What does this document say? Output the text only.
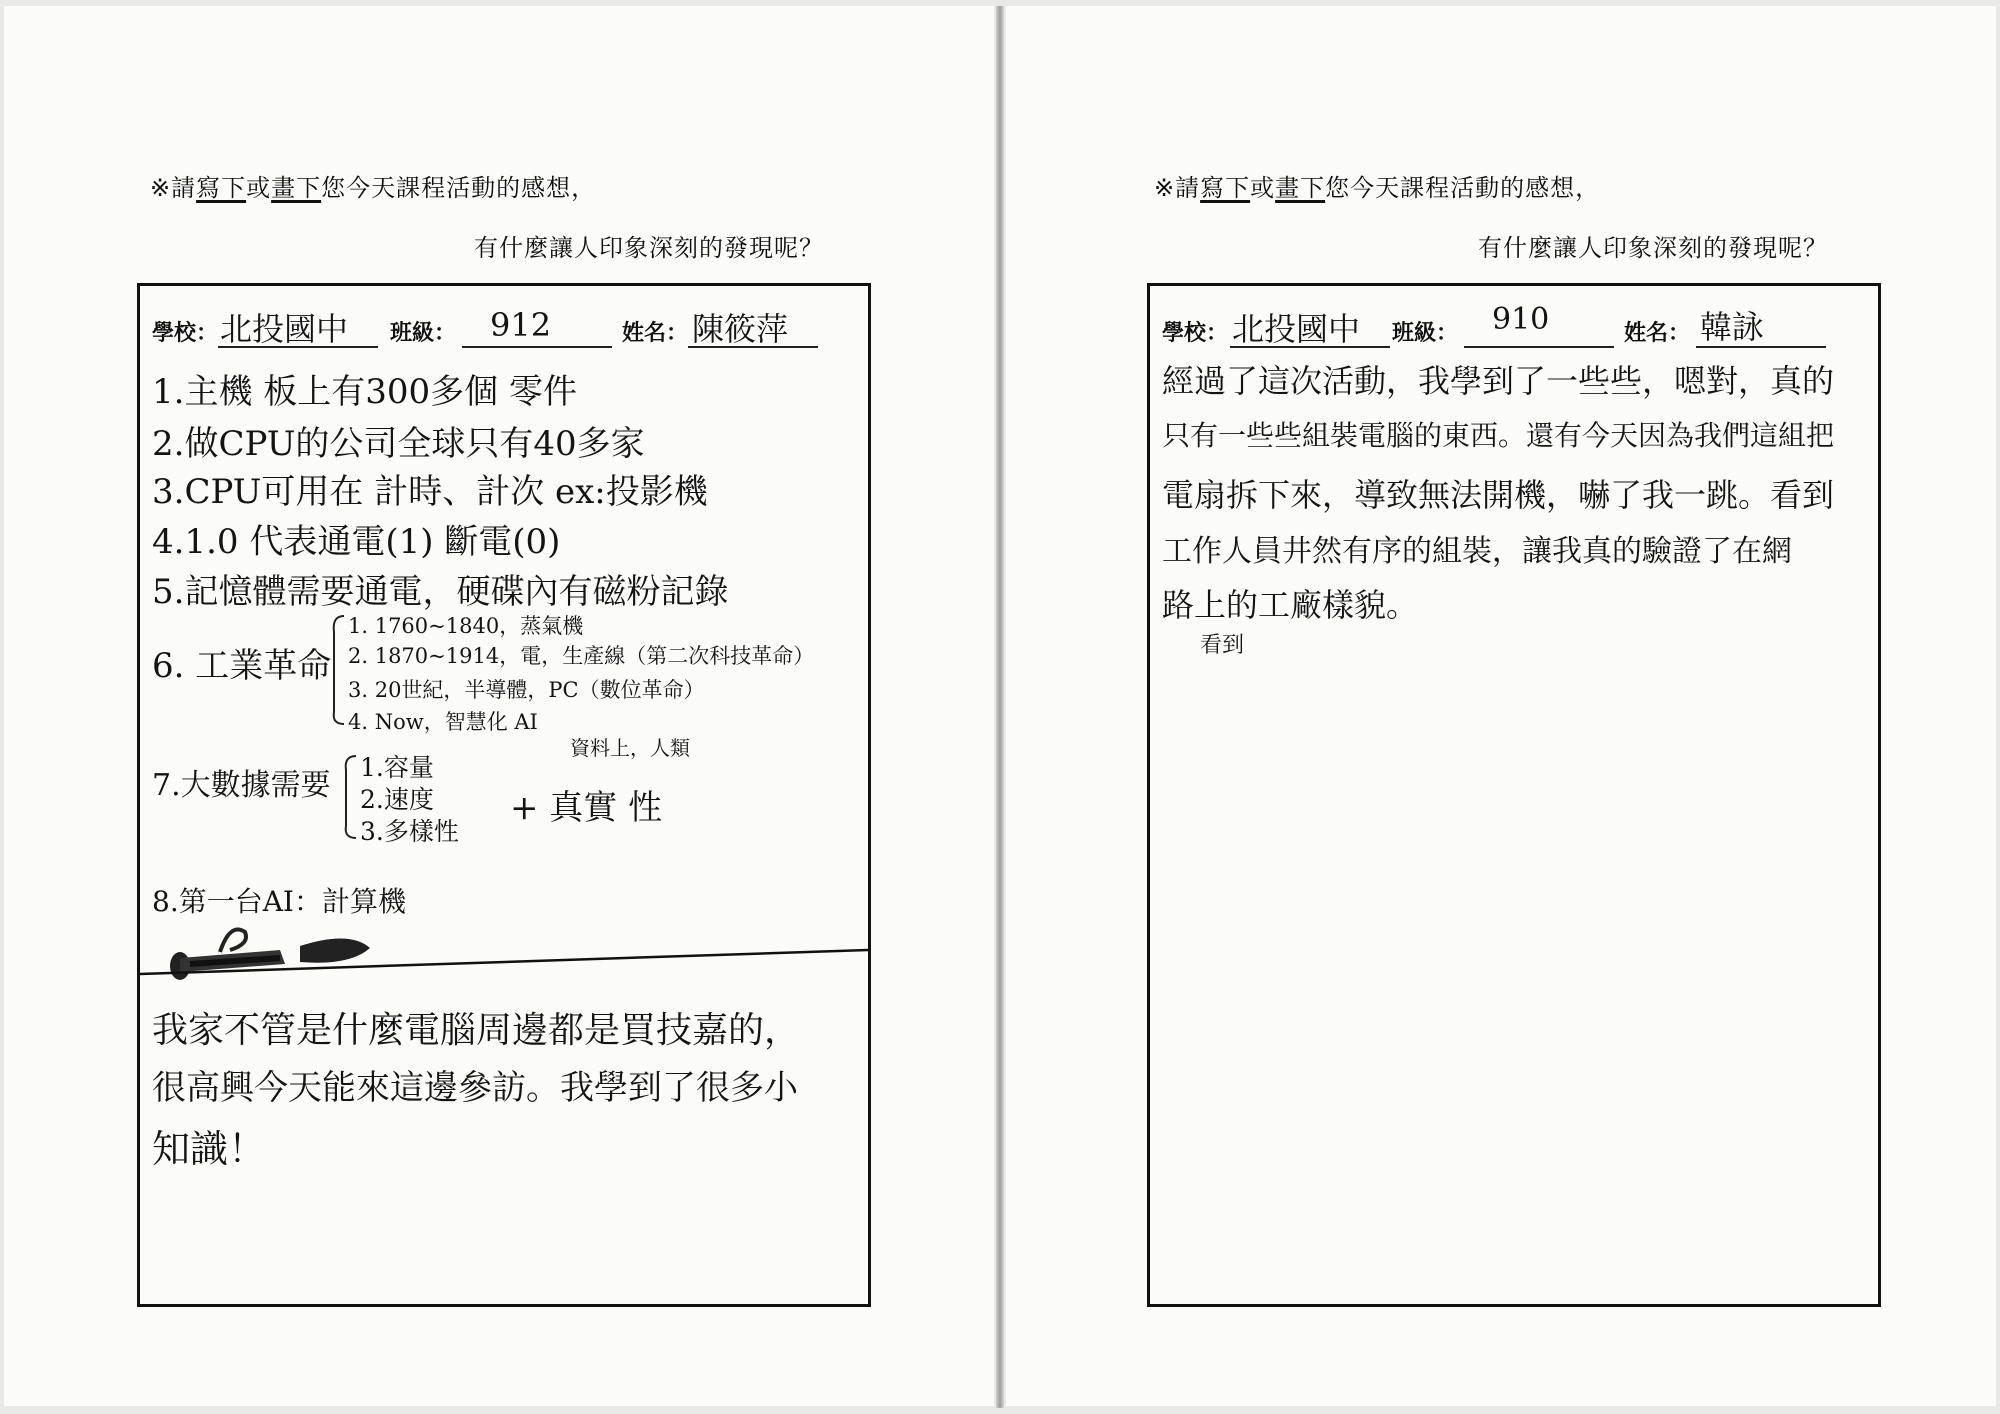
※請寫下或畫下您今天課程活動的感想，
有什麼讓人印象深刻的發現呢？
學校： 北投國中 班級： 912	姓名： 陳筱萍
1.主機 板上有300多個 零件
2.做CPU的公司全球只有40多家
3.CPU可用在 計時、計次 ex:投影機
4.1.0 代表通電(1) 斷電(0)
5.記憶體需要通電，硬碟內有磁粉記錄
6. 工業革命
1. 1760~1840，蒸氣機
2. 1870~1914，電，生產線（第二次科技革命）
3. 20世紀，半導體，PC（數位革命）
4. Now，智慧化 AI
資料上，人類
7.大數據需要
1.容量
2.速度
3.多樣性
+ 真實 性
8.第一台AI：計算機
我家不管是什麼電腦周邊都是買技嘉的，
很高興今天能來這邊參訪。我學到了很多小
知識！
※請寫下或畫下您今天課程活動的感想，
有什麼讓人印象深刻的發現呢？
學校： 北投國中 班級： 910	姓名： 韓詠
經過了這次活動，我學到了一些些，嗯對，真的
只有一些些組裝電腦的東西。還有今天因為我們這組把
電扇拆下來，導致無法開機，嚇了我一跳。看到
工作人員井然有序的組裝，讓我真的驗證了在網
路上的工廠樣貌。
看到
